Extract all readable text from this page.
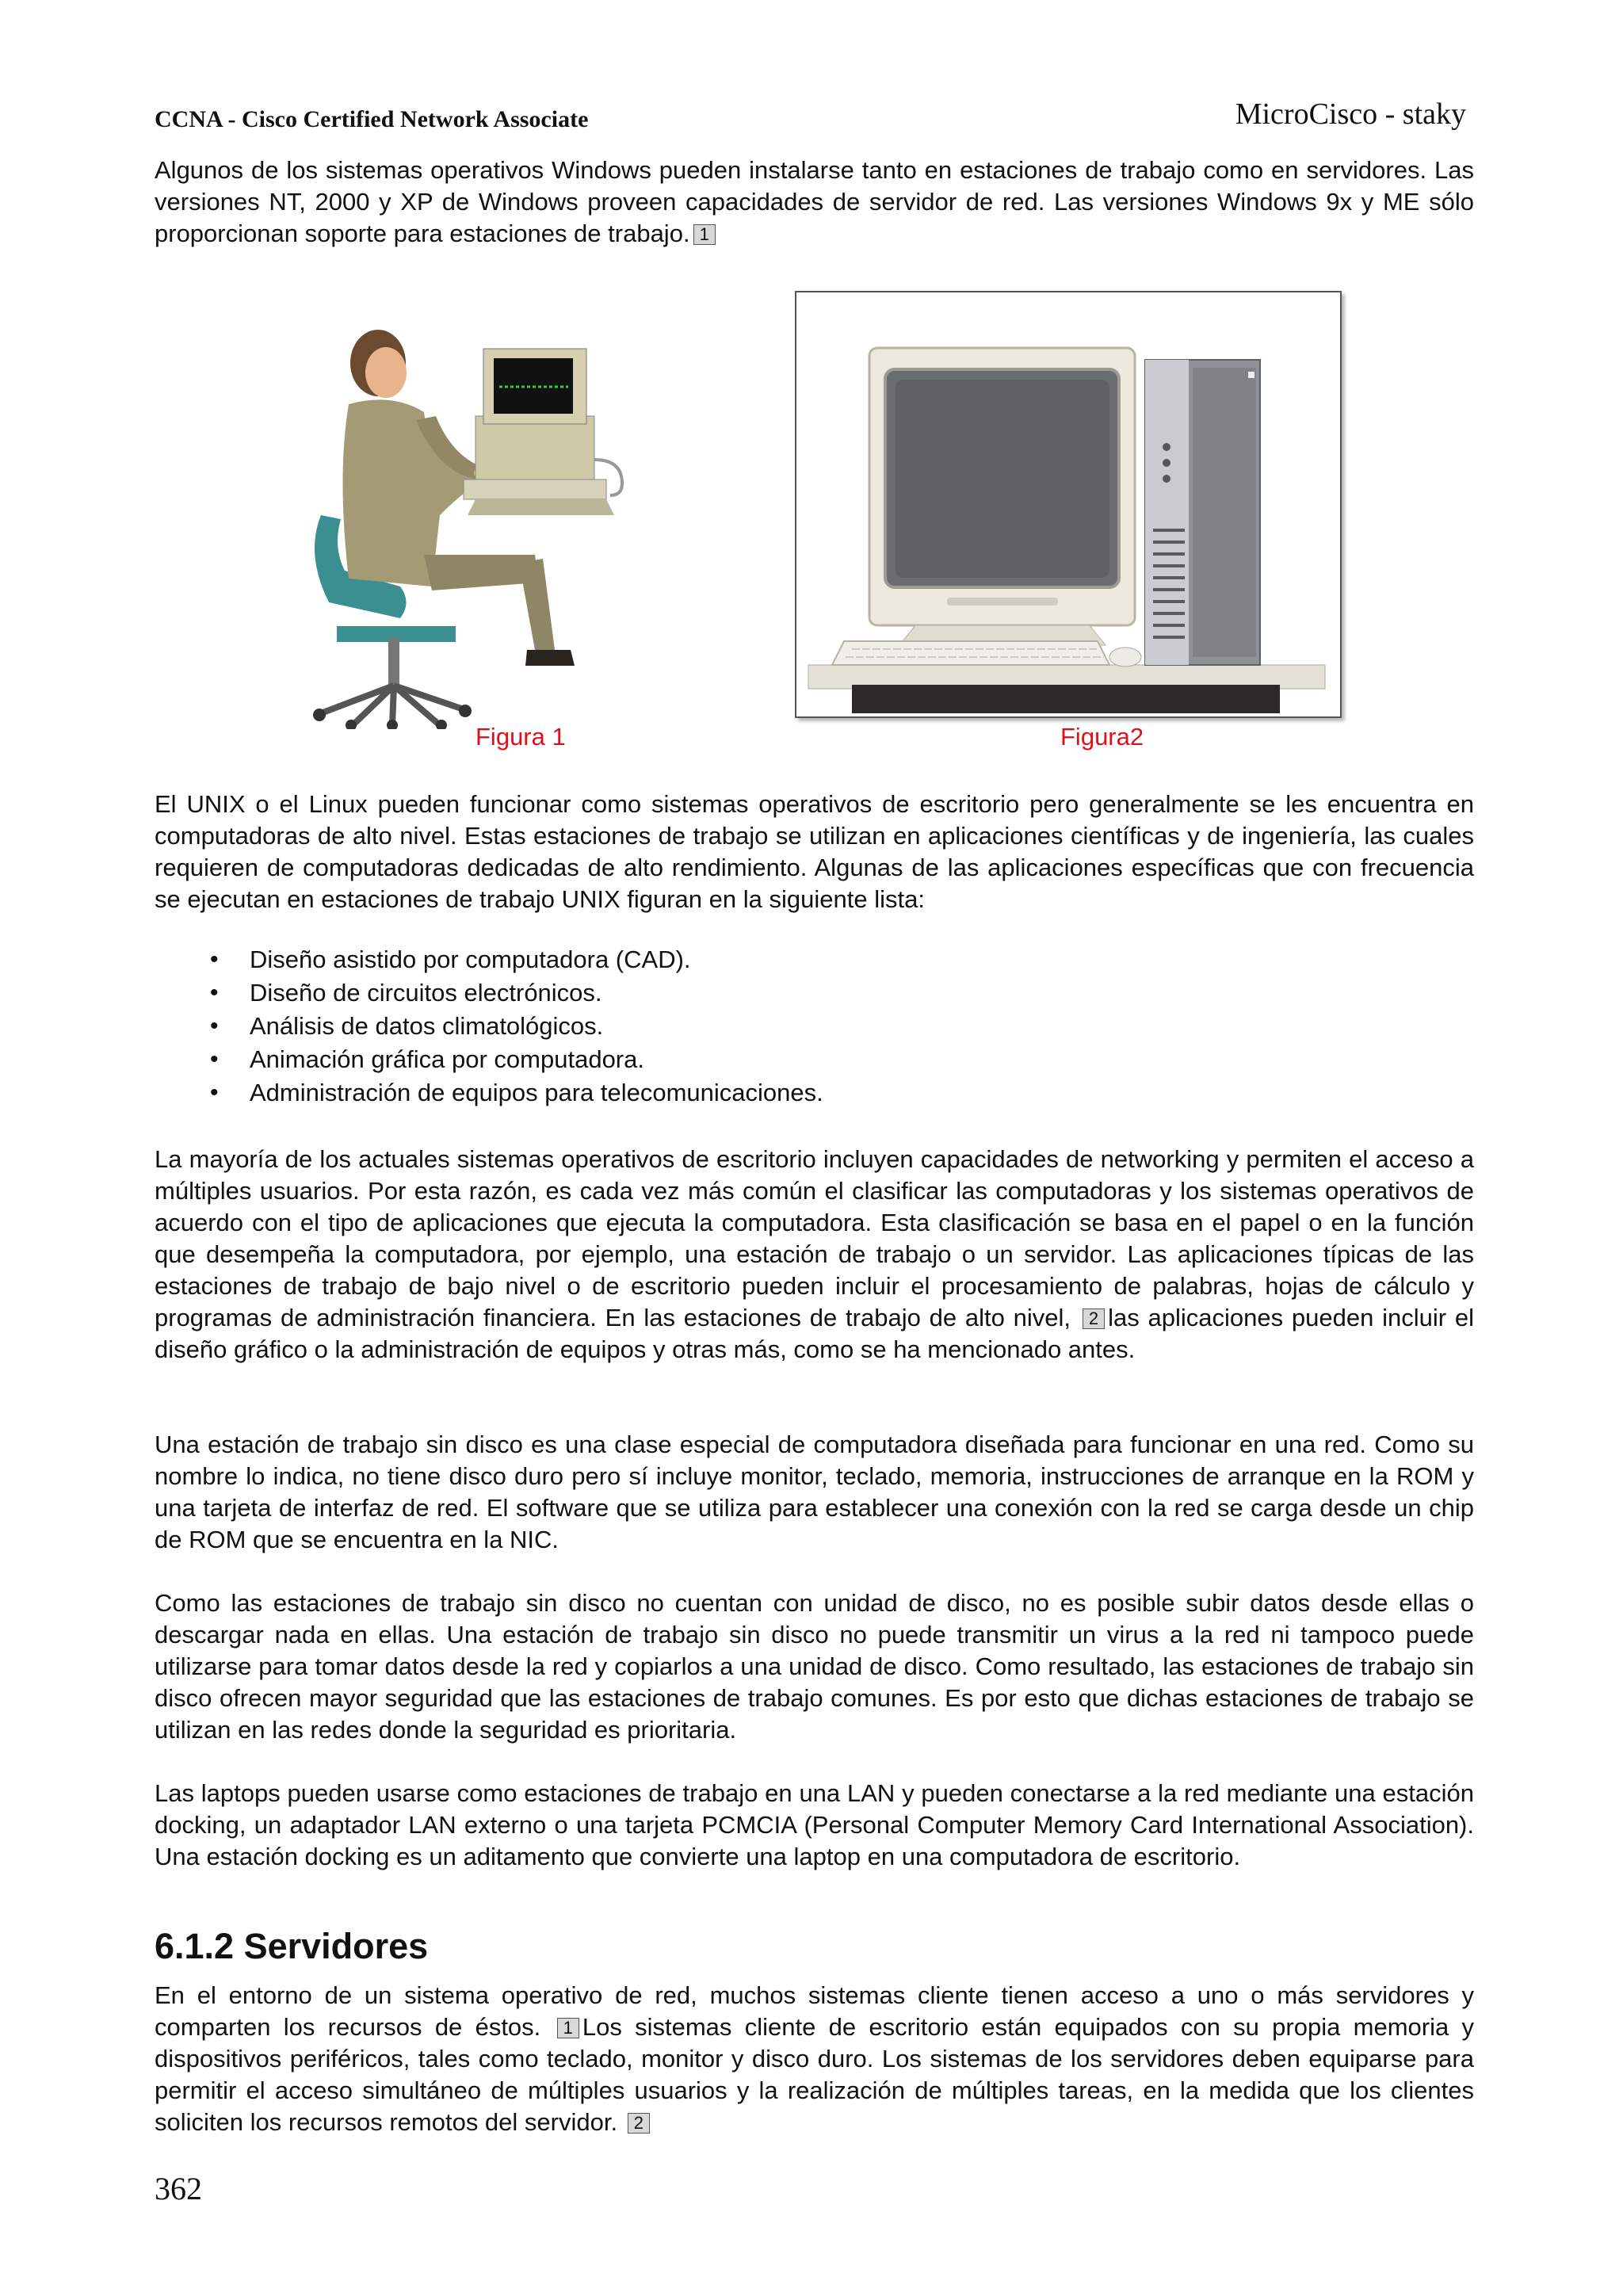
CCNA - Cisco Certified Network Associate	MicroCisco - staky

Algunos de los sistemas operativos Windows pueden instalarse tanto en estaciones de trabajo como en servidores. Las versiones NT, 2000 y XP de Windows proveen capacidades de servidor de red. Las versiones Windows 9x y ME sólo proporcionan soporte para estaciones de trabajo. 1

Figura 1	Figura2

El UNIX o el Linux pueden funcionar como sistemas operativos de escritorio pero generalmente se les encuentra en computadoras de alto nivel. Estas estaciones de trabajo se utilizan en aplicaciones científicas y de ingeniería, las cuales requieren de computadoras dedicadas de alto rendimiento. Algunas de las aplicaciones específicas que con frecuencia se ejecutan en estaciones de trabajo UNIX figuran en la siguiente lista:

• Diseño asistido por computadora (CAD).
• Diseño de circuitos electrónicos.
• Análisis de datos climatológicos.
• Animación gráfica por computadora.
• Administración de equipos para telecomunicaciones.

La mayoría de los actuales sistemas operativos de escritorio incluyen capacidades de networking y permiten el acceso a múltiples usuarios. Por esta razón, es cada vez más común el clasificar las computadoras y los sistemas operativos de acuerdo con el tipo de aplicaciones que ejecuta la computadora. Esta clasificación se basa en el papel o en la función que desempeña la computadora, por ejemplo, una estación de trabajo o un servidor. Las aplicaciones típicas de las estaciones de trabajo de bajo nivel o de escritorio pueden incluir el procesamiento de palabras, hojas de cálculo y programas de administración financiera. En las estaciones de trabajo de alto nivel, 2 las aplicaciones pueden incluir el diseño gráfico o la administración de equipos y otras más, como se ha mencionado antes.

Una estación de trabajo sin disco es una clase especial de computadora diseñada para funcionar en una red. Como su nombre lo indica, no tiene disco duro pero sí incluye monitor, teclado, memoria, instrucciones de arranque en la ROM y una tarjeta de interfaz de red. El software que se utiliza para establecer una conexión con la red se carga desde un chip de ROM que se encuentra en la NIC.

Como las estaciones de trabajo sin disco no cuentan con unidad de disco, no es posible subir datos desde ellas o descargar nada en ellas. Una estación de trabajo sin disco no puede transmitir un virus a la red ni tampoco puede utilizarse para tomar datos desde la red y copiarlos a una unidad de disco. Como resultado, las estaciones de trabajo sin disco ofrecen mayor seguridad que las estaciones de trabajo comunes. Es por esto que dichas estaciones de trabajo se utilizan en las redes donde la seguridad es prioritaria.

Las laptops pueden usarse como estaciones de trabajo en una LAN y pueden conectarse a la red mediante una estación docking, un adaptador LAN externo o una tarjeta PCMCIA (Personal Computer Memory Card International Association). Una estación docking es un aditamento que convierte una laptop en una computadora de escritorio.

6.1.2 Servidores

En el entorno de un sistema operativo de red, muchos sistemas cliente tienen acceso a uno o más servidores y comparten los recursos de éstos. 1 Los sistemas cliente de escritorio están equipados con su propia memoria y dispositivos periféricos, tales como teclado, monitor y disco duro. Los sistemas de los servidores deben equiparse para permitir el acceso simultáneo de múltiples usuarios y la realización de múltiples tareas, en la medida que los clientes soliciten los recursos remotos del servidor. 2

362
